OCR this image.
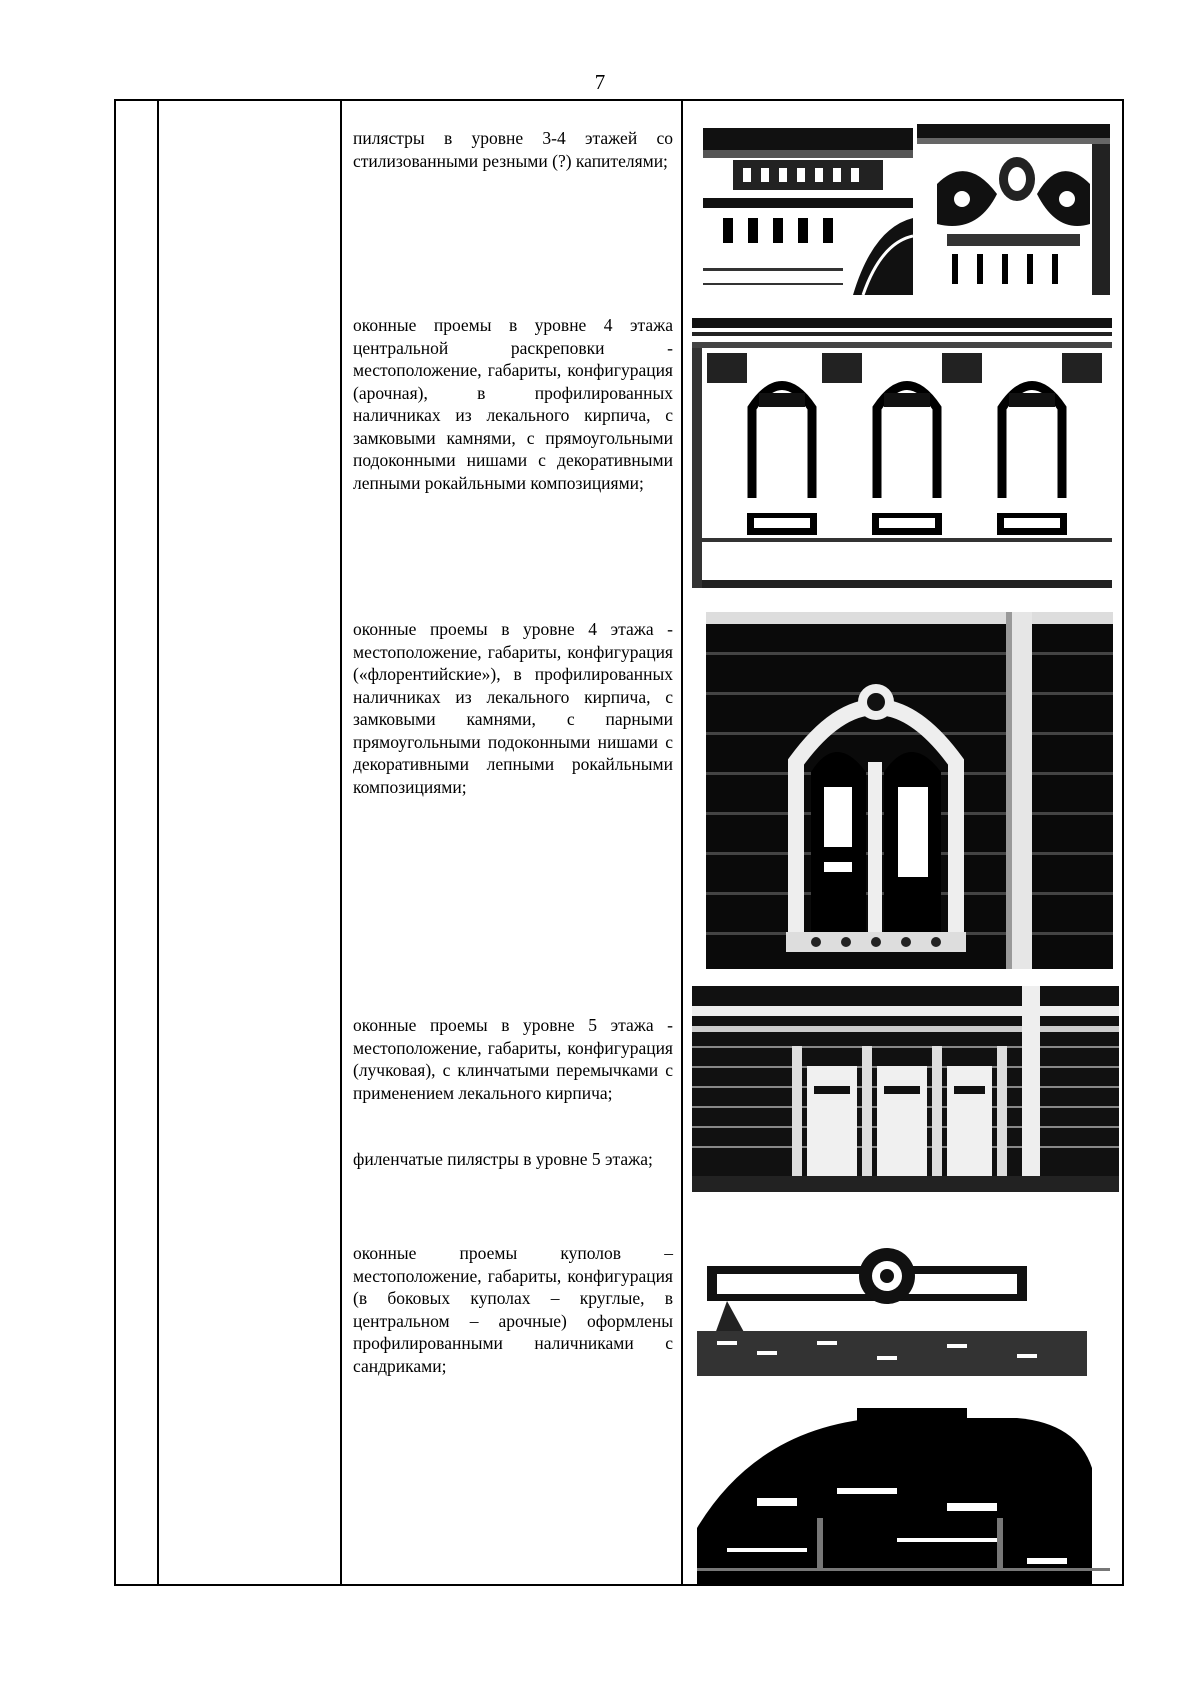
7
пилястры в уровне 3-4 этажей со стилизованными резными (?) капителями;
оконные проемы в уровне 4 этажа центральной раскреповки - местоположение, габариты, конфигурация (арочная), в профилированных наличниках из лекального кирпича, с замковыми камнями, с прямоугольными подоконными нишами с декоративными лепными рокайльными композициями;
оконные проемы в уровне 4 этажа - местоположение, габариты, конфигурация («флорентийские»), в профилированных наличниках из лекального кирпича, с замковыми камнями, с парными прямоугольными подоконными нишами с декоративными лепными рокайльными композициями;
оконные проемы в уровне 5 этажа - местоположение, габариты, конфигурация (лучковая), с клинчатыми перемычками с применением лекального кирпича;
филенчатые пилястры в уровне 5 этажа;
оконные проемы куполов – местоположение, габариты, конфигурация (в боковых куполах – круглые, в центральном – арочные) оформлены профилированными наличниками с сандриками;
